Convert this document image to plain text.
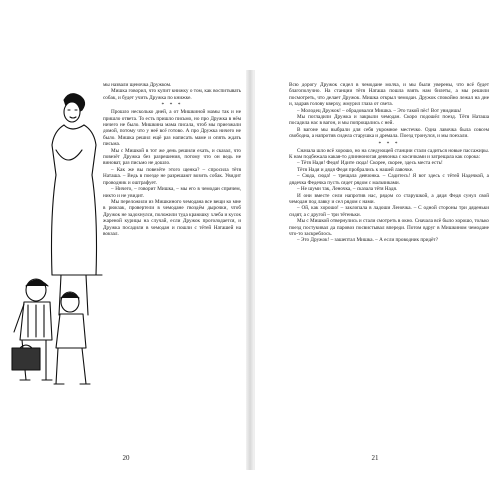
мы назвали щеночка Дружком.

Мишка говорил, что купит книжку о том, как воспитывать собак, и будет учить Дружка по книжке.

* * *

Прошло несколько дней, а от Мишкиной мамы так и не пришло ответа. То есть пришло письмо, но про Дружка в нём ничего не было. Мишкина мама писала, чтоб мы приезжали домой, потому что у неё всё готово. А про Дружка ничего не было. Мишка решил ещё раз написать маме и опять ждать письма.

Мы с Мишкой в тот же день решили ехать, и сказал, что повезёт Дружка без разрешения, потому что он ведь не виноват, раз письмо не дошло.

– Как же вы повезёте этого щенка? – спросила тётя Наташа. – Ведь в поезде не разрешают возить собак. Увидит проводник и оштрафует.

– Ничего, – говорит Мишка, – мы его в чемодан спрячем, никто и не увидит.

Мы переложили из Мишкиного чемодана все вещи ко мне в рюкзак, провертели в чемодане гвоздём дырочки, чтоб Дружок не задохнулся, положили туда краюшку хлеба и кусок жареной курицы на случай, если Дружок проголодается, и Дружка посадили в чемодан и пошли с тётей Наташей на вокзал.

20

Всю дорогу Дружок сидел в чемодане молча, и мы были уверены, что всё будет благополучно. На станции тётя Наташа пошла взять нам билеты, а мы решили посмотреть, что делает Дружок. Мишка открыл чемодан. Дружок спокойно лежал на дне и, задрав голову кверху, жмурил глаза от света.

– Молодец Дружок! – обрадовался Мишка. – Это такой пёс! Вот увидишь!

Мы погладили Дружка и закрыли чемодан. Скоро подошёл поезд. Тётя Наташа посадила нас в вагон, и мы попрощались с ней.

В вагоне мы выбрали для себя укромное местечко. Одна лавочка была совсем свободна, а напротив сидела старушка и дремала. Поезд тронулся, и мы поехали.

* * *

Сначала шло всё хорошо, но на следующей станции стали садиться новые пассажиры. К нам подбежала какая-то длинноногая девчонка с косичками и затрещала как сорока:

– Тётя Надя! Федя! Идите сюда! Скорее, скорее, здесь места есть!

Тётя Надя и дядя Федя пробрались к нашей лавочке.

– Сюда, сюда! – трещала девчонка. – Садитесь! Я вот здесь с тётей Надечкой, а дядечка Федечка пусть сядет рядом с мальчиками.

– Не шуми так, Леночка, – сказала тётя Надя.

И они вместе сели напротив нас, рядом со старушкой, а дядя Федя сунул свой чемодан под лавку и сел рядом с нами.

– Ой, как хорошо! – заклопала в ладоши Леночка. – С одной стороны три дяденьки сидят, а с другой – три тётеньки.

Мы с Мишкой отвернулись и стали смотреть в окно. Сначала всё было хорошо, только поезд постукивал да паровоз посвистывал впереди. Потом вдруг в Мишкином чемодане что-то заскреблось.

– Это Дружок! – зашептал Мишка. – А если проводник придёт?

21
